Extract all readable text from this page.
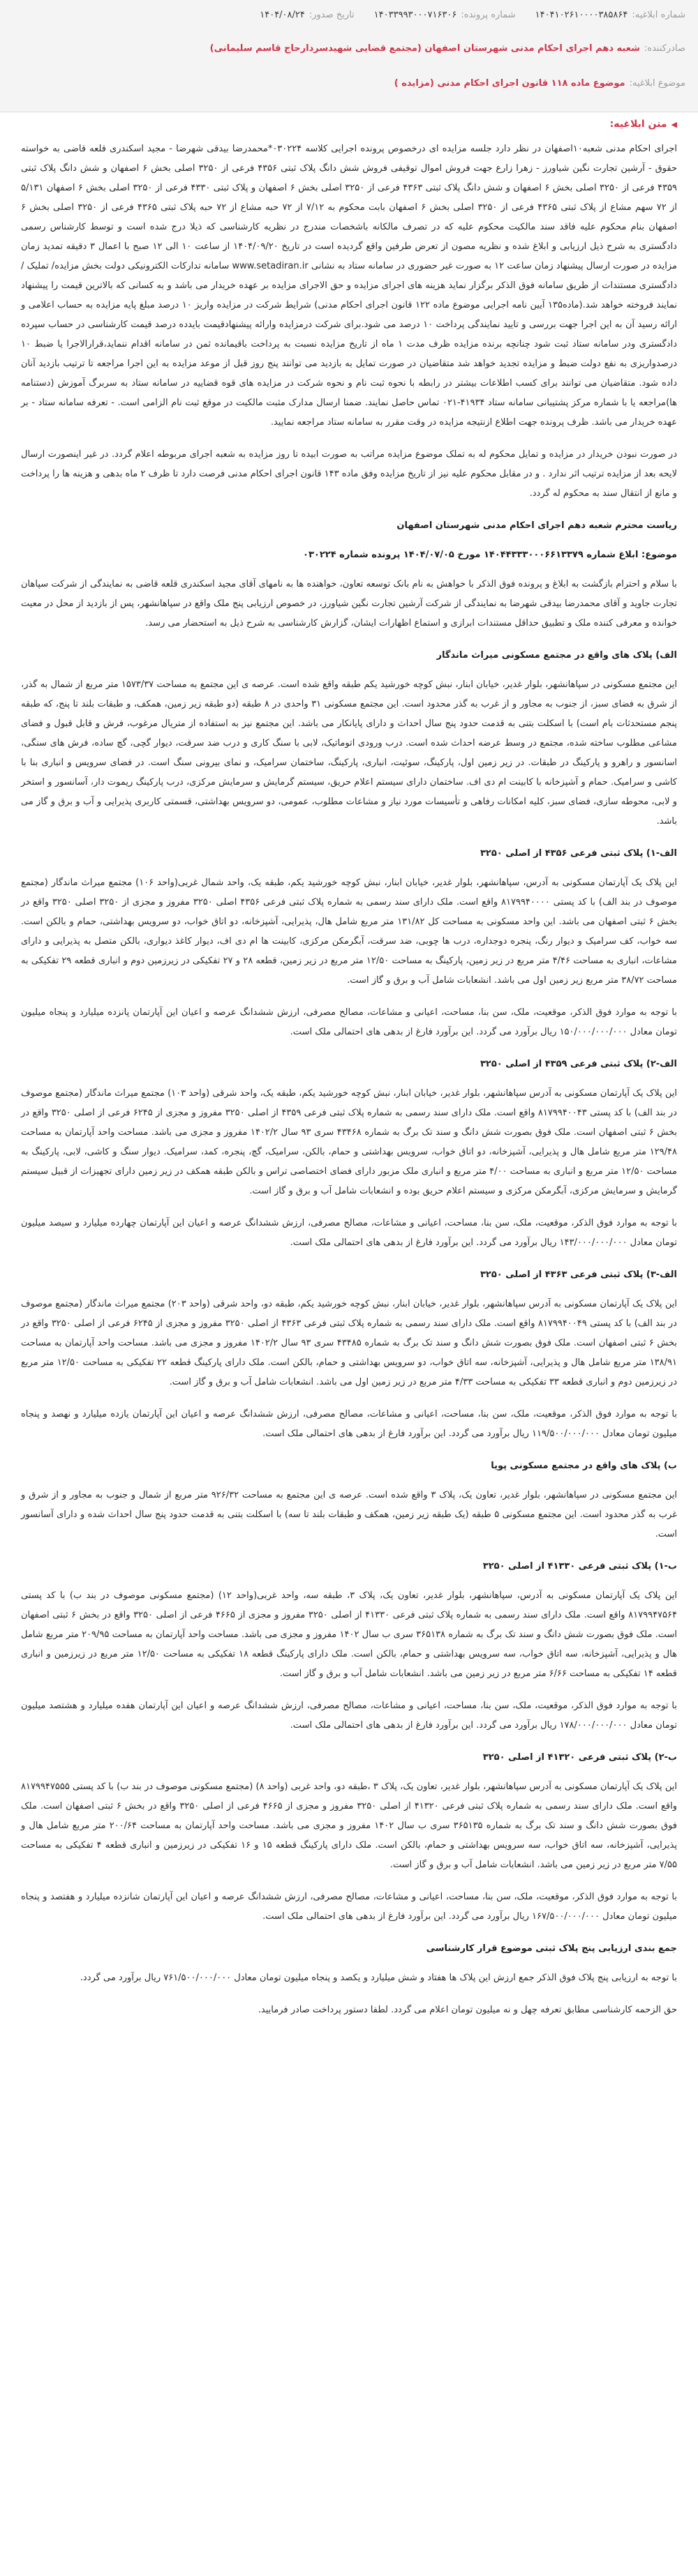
شماره ابلاغیه:
۱۴۰۴۱۰۲۶۱۰۰۰۰۳۸۵۸۶۴
شماره پرونده:
۱۴۰۳۳۹۹۳۰۰۰۷۱۶۳۰۶
تاریخ صدور:
۱۴۰۴/۰۸/۲۴
صادرکننده:
شعبه دهم اجرای احکام مدنی شهرستان اصفهان (مجتمع قضایی شهیدسردارحاج قاسم سلیمانی)
موضوع ابلاغیه:
موضوع ماده ۱۱۸ قانون اجرای احکام مدنی (مزایده )
◀
متن ابلاغیه:

اجرای احکام مدنی شعبه۱۰اصفهان در نظر دارد جلسه مزایده ای درخصوص پرونده اجرایی کلاسه ۰۳۰۲۲۴*محمدرضا بیدقی شهرضا - مجید اسکندری قلعه قاضی به خواسته حقوق - آرشین تجارت نگین شیاورز - زهرا زارع جهت فروش اموال توقیفی فروش شش دانگ پلاک ثبتی ۴۳۵۶ فرعی از ۳۲۵۰ اصلی بخش ۶ اصفهان و شش دانگ پلاک ثبتی ۴۳۵۹ فرعی از ۳۲۵۰ اصلی بخش ۶ اصفهان و شش دانگ پلاک ثبتی ۴۳۶۳ فرعی از ۳۲۵۰ اصلی بخش ۶ اصفهان و پلاک ثبتی ۴۳۳۰ فرعی از ۳۲۵۰ اصلی بخش ۶ اصفهان ۵/۱۳۱ از ۷۲ سهم مشاع از پلاک ثبتی ۴۳۶۵ فرعی از ۳۲۵۰ اصلی بخش ۶ اصفهان بابت محکوم به ۷/۱۲ از ۷۲ حبه مشاع از ۷۲ حبه پلاک ثبتی ۴۳۶۵ فرعی از ۳۲۵۰ اصلی بخش ۶ اصفهان بنام محکوم علیه فاقد سند مالکیت محکوم علیه که در تصرف مالکانه باشخصات مندرج در نظریه کارشناسی که ذیلا درج شده است و توسط کارشناس رسمی دادگستری به شرح ذیل ارزیابی و ابلاغ شده و نظریه مصون از تعرض طرفین واقع گردیده است در تاریخ ۱۴۰۴/۰۹/۲۰ از ساعت ۱۰ الی ۱۲ صبح با اعمال ۳ دقیقه تمدید زمان مزایده در صورت ارسال پیشنهاد زمان ساعت ۱۲ به صورت غیر حضوری در سامانه ستاد به نشانی www.setadiran.ir سامانه تدارکات الکترونیکی دولت بخش مزایده/ تملیک /دادگستری مستندات از طریق سامانه فوق الذکر برگزار نماید هزینه های اجرای مزایده و حق الاجرای مزایده بر عهده خریدار می باشد و به کسانی که بالاترین قیمت را پیشنهاد نمایند فروخته خواهد شد.(ماده۱۳۵ آیین نامه اجرایی موضوع ماده ۱۲۲ قانون اجرای احکام مدنی) شرایط شرکت در مزایده واریز ۱۰ درصد مبلغ پایه مزایده به حساب اعلامی و ارائه رسید آن به این اجرا جهت بررسی و تایید نمایندگی پرداخت ۱۰ درصد می شود.برای شرکت درمزایده وارائه پیشنهادقیمت بایدده درصد قیمت کارشناسی در حساب سپرده دادگستری ودر سامانه ستاد ثبت شود چنانچه برنده مزایده ظرف مدت ۱ ماه از تاریخ مزایده نسبت به پرداخت باقیمانده ثمن در سامانه اقدام ننماید،قرارالاجرا یا ضبط ۱۰ درصدواریزی به نفع دولت ضبط و مزایده تجدید خواهد شد متقاضیان در صورت تمایل به بازدید می توانند پنج روز قبل از موعد مزایده به این اجرا مراجعه تا ترتیب بازدید آنان داده شود. متقاضیان می توانند برای کسب اطلاعات بیشتر در رابطه با نحوه ثبت نام و نحوه شرکت در مزایده های قوه قضاییه در سامانه ستاد به سربرگ آموزش (دستنامه ها)مراجعه یا با شماره مرکز پشتیبانی سامانه ستاد ۴۱۹۳۴-۰۲۱ تماس حاصل نمایند. ضمنا ارسال مدارک مثبت مالکیت در موقع ثبت نام الزامی است. - تعرفه سامانه ستاد - بر عهده خریدار می باشد. ظرف پرونده جهت اطلاع ازنتیجه مزایده در وقت مقرر به سامانه ستاد مراجعه نمایید.

در صورت نبودن خریدار در مزایده و تمایل محکوم له به تملک موضوع مزایده مراتب به صورت ابیده تا روز مزایده به شعبه اجرای مربوطه اعلام گردد. در غیر اینصورت ارسال لایحه بعد از مزایده ترتیب اثر ندارد . و در مقابل محکوم علیه نیز از تاریخ مزایده وفق ماده ۱۴۳ قانون اجرای احکام مدنی فرصت دارد تا ظرف ۲ ماه بدهی و هزینه ها را پرداخت و مانع از انتقال سند به محکوم له گردد.

ریاست محترم شعبه دهم اجرای احکام مدنی شهرستان اصفهان

موضوع: ابلاغ شماره ۱۴۰۴۴۳۳۳۰۰۰۶۶۱۳۳۷۹ مورخ ۱۴۰۴/۰۷/۰۵ پرونده شماره ۰۳۰۲۲۴

با سلام و احترام بازگشت به ابلاغ و پرونده فوق الذکر با خواهش به نام بانک توسعه تعاون، خواهنده ها به نامهای آقای مجید اسکندری قلعه قاضی به نمایندگی از شرکت سپاهان تجارت جاوید و آقای محمدرضا بیدقی شهرضا به نمایندگی از شرکت آرشین تجارت نگین شیاورز، در خصوص ارزیابی پنج ملک واقع در سپاهانشهر، پس از بازدید از محل در معیت خوانده و معرفی کننده ملک و تطبیق حداقل مستندات ابرازی و استماع اظهارات ایشان، گزارش کارشناسی به شرح ذیل به استحضار می رسد.

الف) پلاک های واقع در مجتمع مسکونی میراث ماندگار

این مجتمع مسکونی در سپاهانشهر، بلوار غدیر، خیابان ابنار، نبش کوچه خورشید یکم طبقه واقع شده است. عرصه ی این مجتمع به مساحت ۱۵۷۳/۳۷ متر مربع از شمال به گذر، از شرق به فضای سبز، از جنوب به مجاور و از غرب به گذر محدود است. این مجتمع مسکونی ۳۱ واحدی در ۸ طبقه (دو طبقه زیر زمین، همکف، و طبقات بلند تا پنج، که طبقه پنجم مستحدثات بام است) با اسکلت بتنی به قدمت حدود پنج سال احداث و دارای پایانکار می باشد. این مجتمع نیز به استفاده از متریال مرغوب، فرش و قابل قبول و فضای مشاعی مطلوب ساخته شده، مجتمع در وسط عرضه احداث شده است. درب ورودی اتوماتیک، لابی با سنگ کاری و درب ضد سرقت، دیوار گچی، گچ ساده، فرش های سنگی، اسانسور و راهرو و پارکینگ در طبقات. در زیر زمین اول، پارکینگ، سوئیت، انباری، پارکینگ، ساختمان سرامیک، و نمای بیرونی سنگ است. در فضای سرویس و انباری بنا با کاشی و سرامیک. حمام و آشپزخانه با کابینت ام دی اف. ساختمان دارای سیستم اعلام حریق، سیستم گرمایش و سرمایش مرکزی، درب پارکینگ ریموت دار، آسانسور و استخر و لابی، محوطه سازی، فضای سبز، کلیه امکانات رفاهی و تأسیسات مورد نیاز و مشاعات مطلوب، عمومی، دو سرویس بهداشتی، قسمتی کاربری پذیرایی و آب و برق و گاز می باشد.

الف-۱) پلاک ثبتی فرعی ۴۳۵۶ از اصلی ۳۲۵۰

این پلاک یک آپارتمان مسکونی به آدرس، سپاهانشهر، بلوار غدیر، خیابان ابنار، نبش کوچه خورشید یکم، طبقه یک، واحد شمال غربی(واحد ۱۰۶) مجتمع میراث ماندگار (مجتمع موصوف در بند الف) با کد پستی ۸۱۷۹۹۴۰۰۰۰ واقع است. ملک دارای سند رسمی به شماره پلاک ثبتی فرعی ۴۳۵۶ اصلی ۳۲۵۰ مفروز و مجزی از ۳۲۵۰ اصلی ۳۲۵۰ واقع در بخش ۶ ثبتی اصفهان می باشد. این واحد مسکونی به مساحت کل ۱۳۱/۸۲ متر مربع شامل هال، پذیرایی، آشپزخانه، دو اتاق خواب، دو سرویس بهداشتی، حمام و بالکن است. سه خواب، کف سرامیک و دیوار رنگ، پنجره دوجداره، درب ها چوبی، ضد سرقت، آبگرمکن مرکزی، کابینت ها ام دی اف، دیوار کاغذ دیواری، بالکن متصل به پذیرایی و دارای مشاعات، انباری به مساحت ۴/۴۶ متر مربع در زیر زمین، پارکینگ به مساحت ۱۲/۵۰ متر مربع در زیر زمین، قطعه ۲۸ و ۲۷ تفکیکی در زیرزمین دوم و انباری قطعه ۲۹ تفکیکی به مساحت ۳۸/۷۲ متر مربع زیر زمین اول می باشد. انشعابات شامل آب و برق و گاز است.

با توجه به موارد فوق الذکر، موقعیت، ملک، سن بنا، مساحت، اعیانی و مشاعات، مصالح مصرفی، ارزش ششدانگ عرصه و اعیان این آپارتمان پانزده میلیارد و پنجاه میلیون تومان معادل ۱۵۰/۰۰۰/۰۰۰/۰۰۰ ریال برآورد می گردد. این برآورد فارغ از بدهی های احتمالی ملک است.

الف-۲) پلاک ثبتی فرعی ۴۳۵۹ از اصلی ۳۲۵۰

این پلاک یک آپارتمان مسکونی به آدرس سپاهانشهر، بلوار غدیر، خیابان ابنار، نبش کوچه خورشید یکم، طبقه یک، واحد شرقی (واحد ۱۰۳) مجتمع میراث ماندگار (مجتمع موصوف در بند الف) با کد پستی ۸۱۷۹۹۴۰۰۴۳ واقع است. ملک دارای سند رسمی به شماره پلاک ثبتی فرعی ۴۳۵۹ از اصلی ۳۲۵۰ مفروز و مجزی از ۶۲۴۵ فرعی از اصلی ۳۲۵۰ واقع در بخش ۶ ثبتی اصفهان است. ملک فوق بصورت شش دانگ و سند تک برگ به شماره ۴۳۴۶۸ سری ۹۳ سال ۱۴۰۲/۲ مفروز و مجزی می باشد. مساحت واحد آپارتمان به مساحت ۱۲۹/۴۸ متر مربع شامل هال و پذیرایی، آشپزخانه، دو اتاق خواب، سرویس بهداشتی و حمام، بالکن، سرامیک، گچ، پنجره، کمد، سرامیک. دیوار سنگ و کاشی، لابی، پارکینگ به مساحت ۱۲/۵۰ متر مربع و انباری به مساحت ۴/۰۰ متر مربع و انباری ملک مزبور دارای فضای اختصاصی تراس و بالکن طبقه همکف در زیر زمین دارای تجهیزات از قبیل سیستم گرمایش و سرمایش مرکزی، آبگرمکن مرکزی و سیستم اعلام حریق بوده و انشعابات شامل آب و برق و گاز است.

با توجه به موارد فوق الذکر، موقعیت، ملک، سن بنا، مساحت، اعیانی و مشاعات، مصالح مصرفی، ارزش ششدانگ عرصه و اعیان این آپارتمان چهارده میلیارد و سیصد میلیون تومان معادل ۱۴۳/۰۰۰/۰۰۰/۰۰۰ ریال برآورد می گردد. این برآورد فارغ از بدهی های احتمالی ملک است.

الف-۳) پلاک ثبتی فرعی ۴۳۶۳ از اصلی ۳۲۵۰

این پلاک یک آپارتمان مسکونی به آدرس سپاهانشهر، بلوار غدیر، خیابان ابنار، نبش کوچه خورشید یکم، طبقه دو، واحد شرقی (واحد ۲۰۳) مجتمع میراث ماندگار (مجتمع موصوف در بند الف) با کد پستی ۸۱۷۹۹۴۰۰۴۹ واقع است. ملک دارای سند رسمی به شماره پلاک ثبتی فرعی ۴۳۶۳ از اصلی ۳۲۵۰ مفروز و مجزی از ۶۲۴۵ فرعی از اصلی ۳۲۵۰ واقع در بخش ۶ ثبتی اصفهان است. ملک فوق بصورت شش دانگ و سند تک برگ به شماره ۴۳۴۸۵ سری ۹۳ سال ۱۴۰۲/۲ مفروز و مجزی می باشد. مساحت واحد آپارتمان به مساحت ۱۳۸/۹۱ متر مربع شامل هال و پذیرایی، آشپزخانه، سه اتاق خواب، دو سرویس بهداشتی و حمام، بالکن است. ملک دارای پارکینگ قطعه ۲۲ تفکیکی به مساحت ۱۲/۵۰ متر مربع در زیرزمین دوم و انباری قطعه ۳۳ تفکیکی به مساحت ۴/۳۳ متر مربع در زیر زمین اول می باشد. انشعابات شامل آب و برق و گاز است.

با توجه به موارد فوق الذکر، موقعیت، ملک، سن بنا، مساحت، اعیانی و مشاعات، مصالح مصرفی، ارزش ششدانگ عرصه و اعیان این آپارتمان یازده میلیارد و نهصد و پنجاه میلیون تومان معادل ۱۱۹/۵۰۰/۰۰۰/۰۰۰ ریال برآورد می گردد. این برآورد فارغ از بدهی های احتمالی ملک است.

ب) پلاک های واقع در مجتمع مسکونی پویا

این مجتمع مسکونی در سپاهانشهر، بلوار غدیر، تعاون یک، پلاک ۳ واقع شده است. عرصه ی این مجتمع به مساحت ۹۲۶/۳۲ متر مربع از شمال و جنوب به مجاور و از شرق و غرب به گذر محدود است. این مجتمع مسکونی ۵ طبقه (یک طبقه زیر زمین، همکف و طبقات بلند تا سه) با اسکلت بتنی به قدمت حدود پنج سال احداث شده و دارای آسانسور است.

ب-۱) پلاک ثبتی فرعی ۴۱۳۳۰ از اصلی ۳۲۵۰

این پلاک یک آپارتمان مسکونی به آدرس، سپاهانشهر، بلوار غدیر، تعاون یک، پلاک ۳، طبقه سه، واحد غربی(واحد ۱۲) (مجتمع مسکونی موصوف در بند ب) با کد پستی ۸۱۷۹۹۴۷۵۶۴ واقع است. ملک دارای سند رسمی به شماره پلاک ثبتی فرعی ۴۱۳۳۰ از اصلی ۳۲۵۰ مفروز و مجزی از ۴۶۶۵ فرعی از اصلی ۳۲۵۰ واقع در بخش ۶ ثبتی اصفهان است. ملک فوق بصورت شش دانگ و سند تک برگ به شماره ۳۶۵۱۳۸ سری ب سال ۱۴۰۲ مفروز و مجزی می باشد. مساحت واحد آپارتمان به مساحت ۲۰۹/۹۵ متر مربع شامل هال و پذیرایی، آشپزخانه، سه اتاق خواب، سه سرویس بهداشتی و حمام، بالکن است. ملک دارای پارکینگ قطعه ۱۸ تفکیکی به مساحت ۱۲/۵۰ متر مربع در زیرزمین و انباری قطعه ۱۴ تفکیکی به مساحت ۶/۶۶ متر مربع در زیر زمین می باشد. انشعابات شامل آب و برق و گاز است.

با توجه به موارد فوق الذکر، موقعیت، ملک، سن بنا، مساحت، اعیانی و مشاعات، مصالح مصرفی، ارزش ششدانگ عرصه و اعیان این آپارتمان هفده میلیارد و هشتصد میلیون تومان معادل ۱۷۸/۰۰۰/۰۰۰/۰۰۰ ریال برآورد می گردد. این برآورد فارغ از بدهی های احتمالی ملک است.

ب-۲) پلاک ثبتی فرعی ۴۱۳۲۰ از اصلی ۳۲۵۰

این پلاک یک آپارتمان مسکونی به آدرس سپاهانشهر، بلوار غدیر، تعاون یک، پلاک ۳ ،طبقه دو، واحد غربی (واحد ۸) (مجتمع مسکونی موصوف در بند ب) با کد پستی ۸۱۷۹۹۴۷۵۵۵ واقع است. ملک دارای سند رسمی به شماره پلاک ثبتی فرعی ۴۱۳۲۰ از اصلی ۳۲۵۰ مفروز و مجزی از ۴۶۶۵ فرعی از اصلی ۳۲۵۰ واقع در بخش ۶ ثبتی اصفهان است. ملک فوق بصورت شش دانگ و سند تک برگ به شماره ۳۶۵۱۳۵ سری ب سال ۱۴۰۲ مفروز و مجزی می باشد. مساحت واحد آپارتمان به مساحت ۲۰۰/۶۴ متر مربع شامل هال و پذیرایی، آشپزخانه، سه اتاق خواب، سه سرویس بهداشتی و حمام، بالکن است. ملک دارای پارکینگ قطعه ۱۵ و ۱۶ تفکیکی در زیرزمین و انباری قطعه ۴ تفکیکی به مساحت ۷/۵۵ متر مربع در زیر زمین می باشد. انشعابات شامل آب و برق و گاز است.

با توجه به موارد فوق الذکر، موقعیت، ملک، سن بنا، مساحت، اعیانی و مشاعات، مصالح مصرفی، ارزش ششدانگ عرصه و اعیان این آپارتمان شانزده میلیارد و هفتصد و پنجاه میلیون تومان معادل ۱۶۷/۵۰۰/۰۰۰/۰۰۰ ریال برآورد می گردد. این برآورد فارغ از بدهی های احتمالی ملک است.

جمع بندی ارزیابی پنج پلاک ثبتی موضوع قرار کارشناسی

با توجه به ارزیابی پنج پلاک فوق الذکر جمع ارزش این پلاک ها هفتاد و شش میلیارد و یکصد و پنجاه میلیون تومان معادل ۷۶۱/۵۰۰/۰۰۰/۰۰۰ ریال برآورد می گردد.

حق الزحمه کارشناسی مطابق تعرفه چهل و نه میلیون تومان اعلام می گردد. لطفا دستور پرداخت صادر فرمایید.
